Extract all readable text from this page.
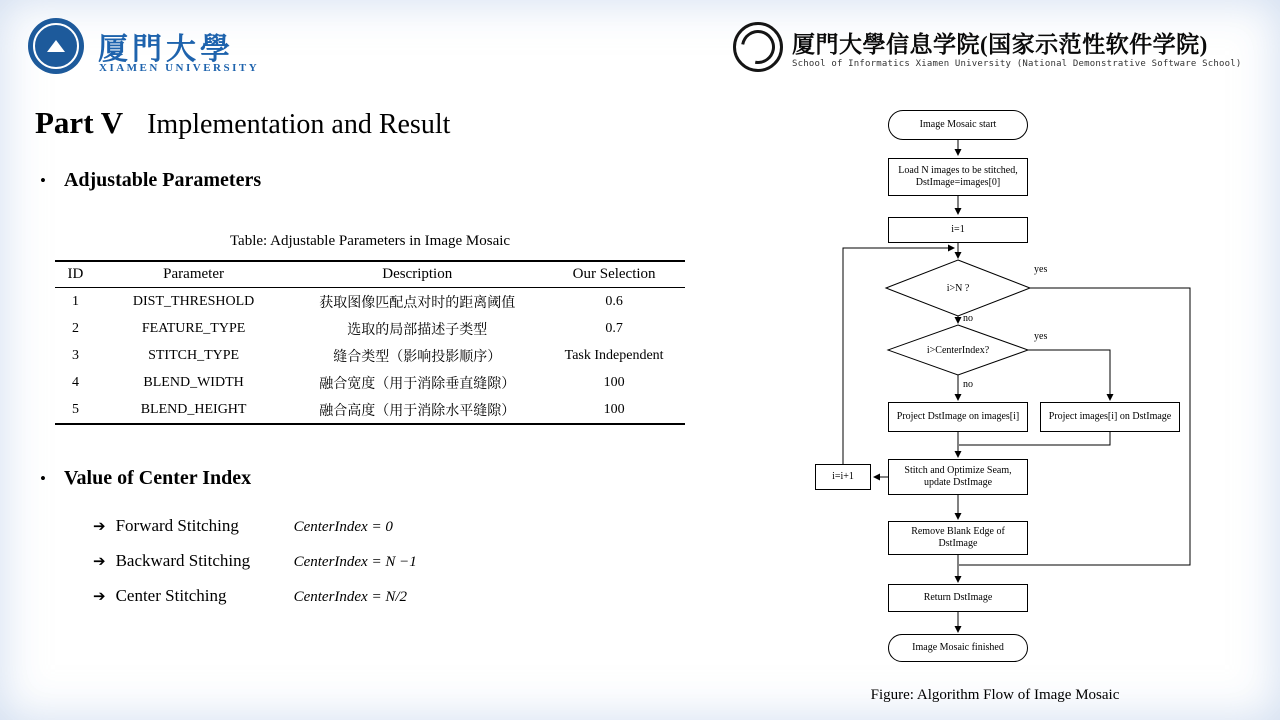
厦門大學
XIAMEN UNIVERSITY
厦門大學信息学院(国家示范性软件学院)
School of Informatics Xiamen University (National Demonstrative Software School)
Part V Implementation and Result
• Adjustable Parameters
Table: Adjustable Parameters in Image Mosaic
ID	Parameter	Description	Our Selection
1	DIST_THRESHOLD	获取图像匹配点对时的距离阈值	0.6
2	FEATURE_TYPE	选取的局部描述子类型	0.7
3	STITCH_TYPE	缝合类型（影响投影顺序）	Task Independent
4	BLEND_WIDTH	融合宽度（用于消除垂直缝隙）	100
5	BLEND_HEIGHT	融合高度（用于消除水平缝隙）	100
• Value of Center Index
➔ Forward Stitching	CenterIndex = 0
➔ Backward Stitching	CenterIndex = N −1
➔ Center Stitching	CenterIndex = N/2
Image Mosaic start
Load N images to be stitched, DstImage=images[0]
i=1
i>N ?
i>CenterIndex?
Project DstImage on images[i]	Project images[i] on DstImage
Stitch and Optimize Seam, update DstImage
i=i+1
Remove Blank Edge of DstImage
Return DstImage
Image Mosaic finished
yes
no
yes
no
Figure: Algorithm Flow of Image Mosaic
